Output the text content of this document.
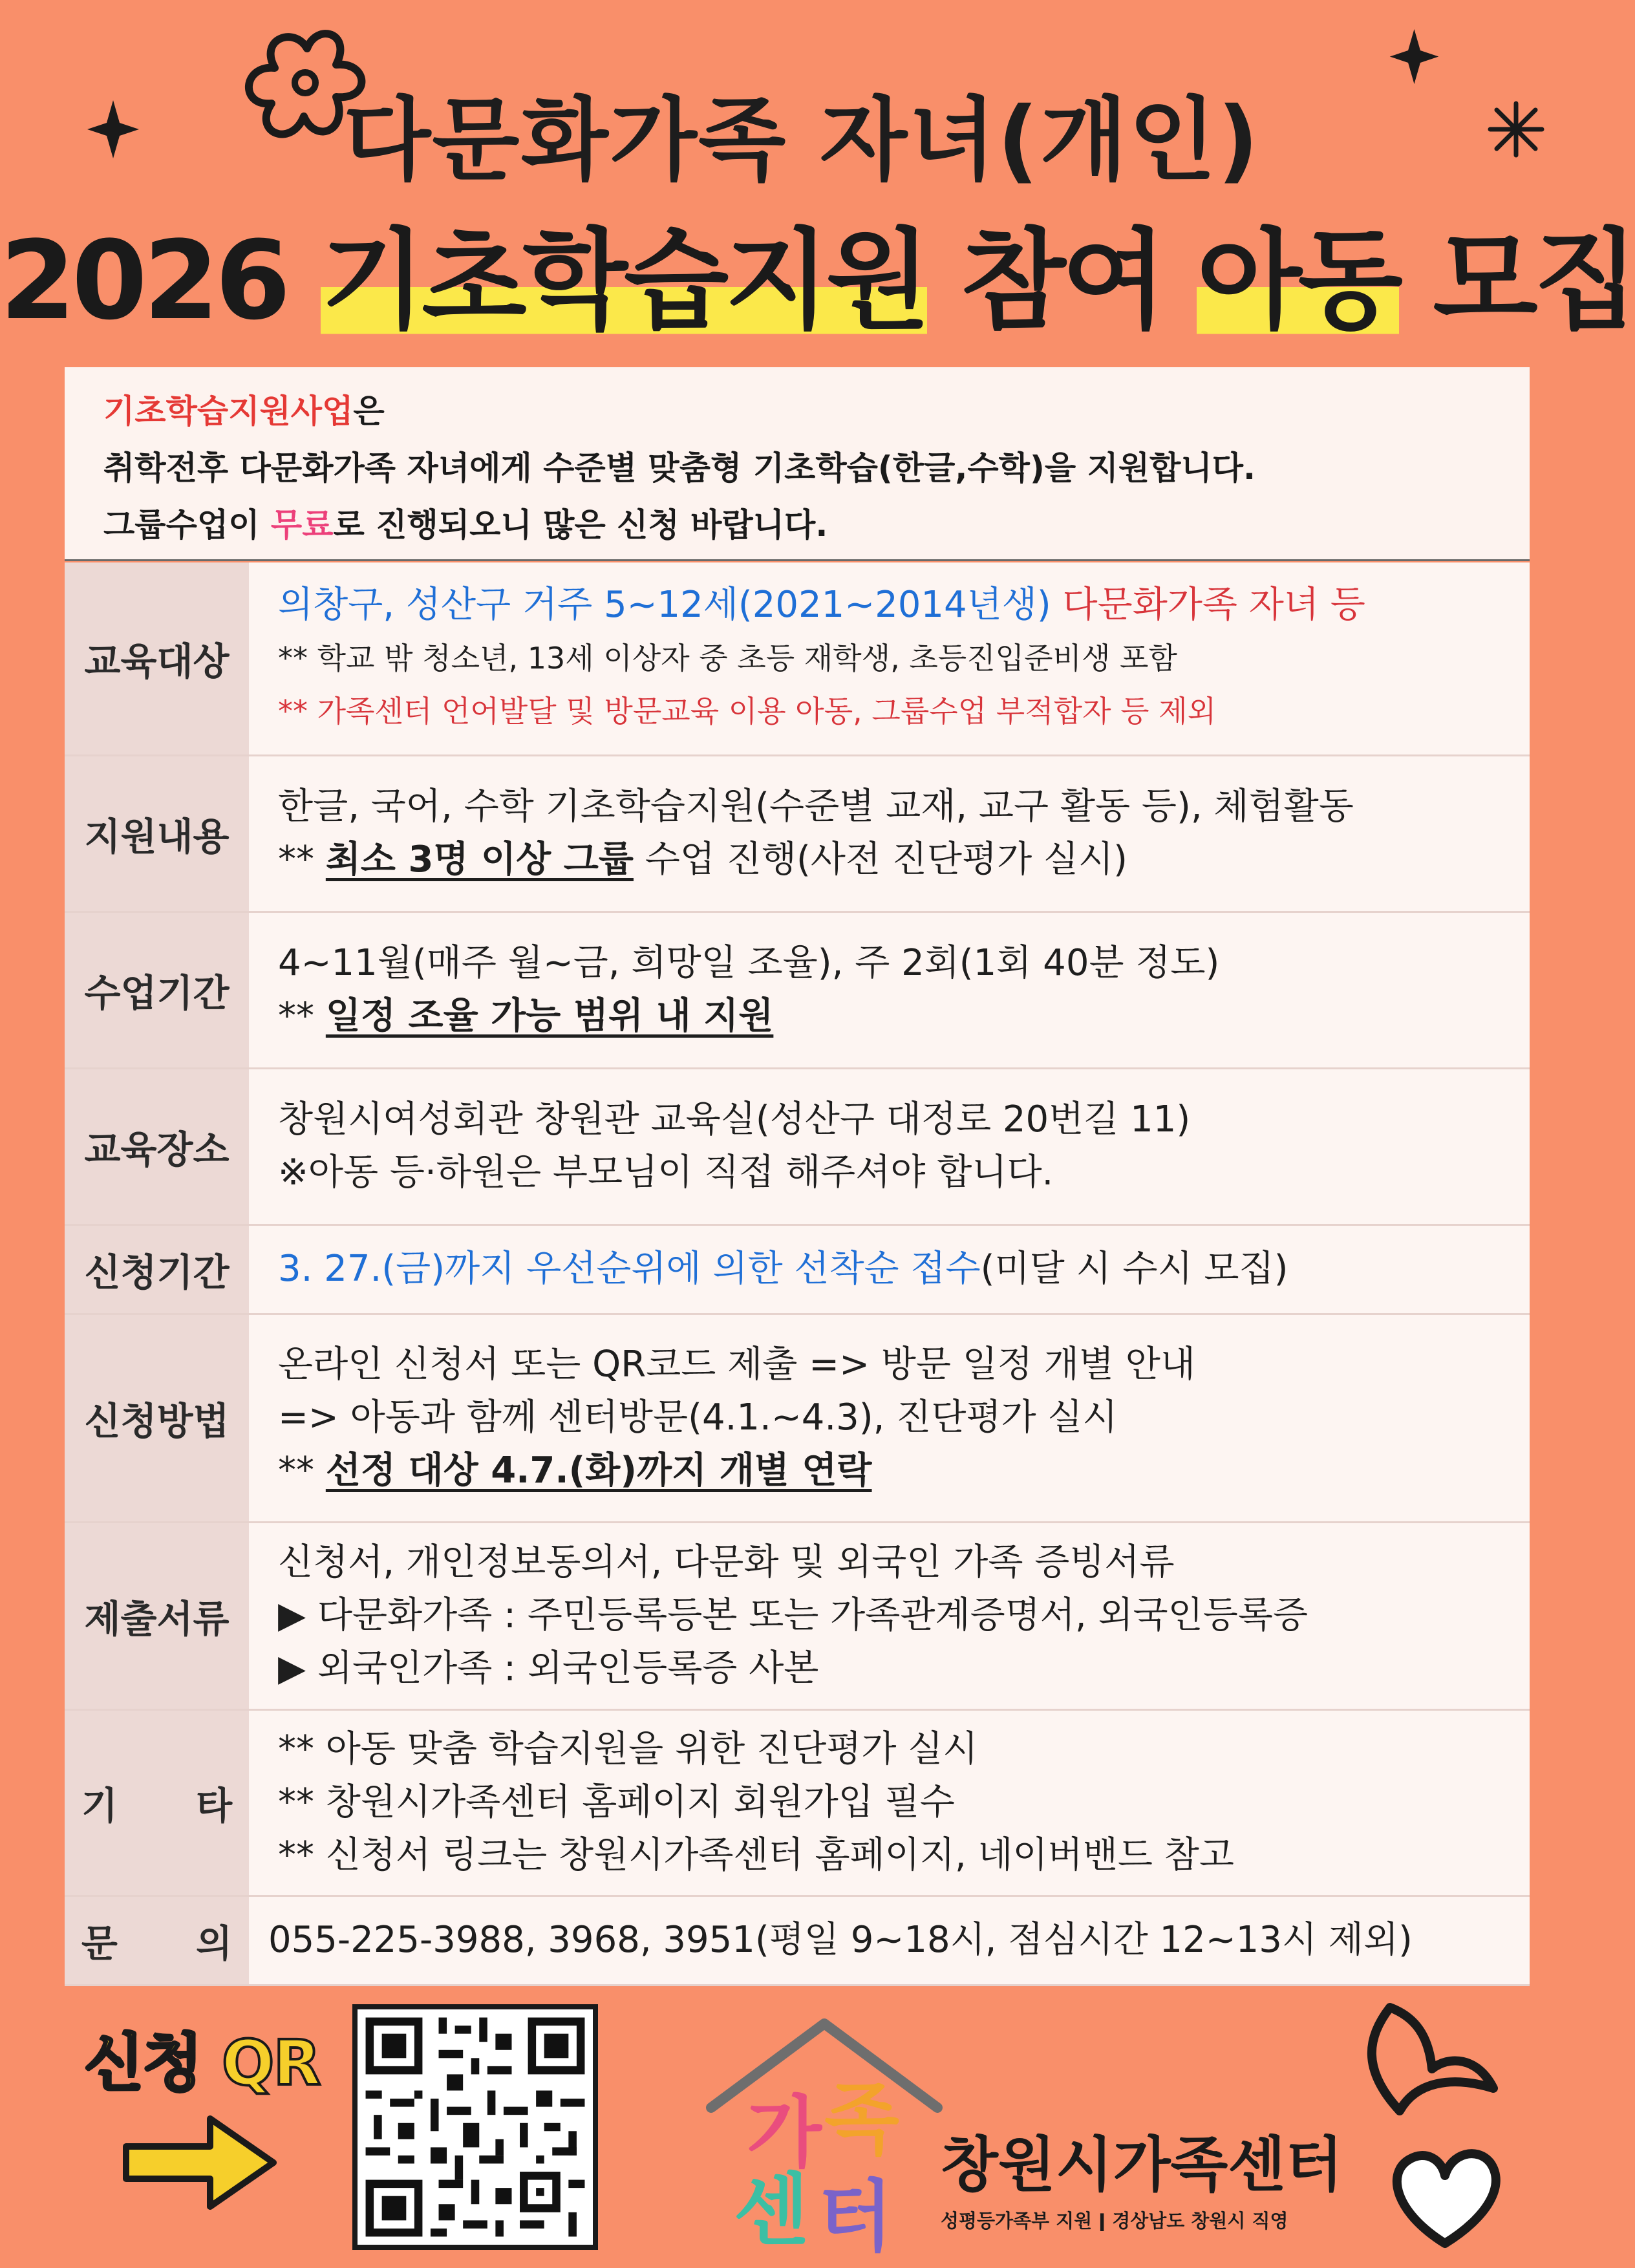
다문화가족 자녀(개인)
2026 기초학습지원 참여 아동 모집
기초학습지원사업은
취학전후 다문화가족 자녀에게 수준별 맞춤형 기초학습(한글,수학)을 지원합니다.
그룹수업이 무료로 진행되오니 많은 신청 바랍니다.
교육대상	의창구, 성산구 거주 5~12세(2021~2014년생) 다문화가족 자녀 등
** 학교 밖 청소년, 13세 이상자 중 초등 재학생, 초등진입준비생 포함
** 가족센터 언어발달 및 방문교육 이용 아동, 그룹수업 부적합자 등 제외

지원내용	한글, 국어, 수학 기초학습지원(수준별 교재, 교구 활동 등), 체험활동
** 최소 3명 이상 그룹 수업 진행(사전 진단평가 실시)

수업기간	4~11월(매주 월~금, 희망일 조율), 주 2회(1회 40분 정도)
** 일정 조율 가능 범위 내 지원

교육장소	창원시여성회관 창원관 교육실(성산구 대정로 20번길 11)
※아동 등·하원은 부모님이 직접 해주셔야 합니다.

신청기간	3. 27.(금)까지 우선순위에 의한 선착순 접수(미달 시 수시 모집)

신청방법	온라인 신청서 또는 QR코드 제출 => 방문 일정 개별 안내
=> 아동과 함께 센터방문(4.1.~4.3), 진단평가 실시
** 선정 대상 4.7.(화)까지 개별 연락

제출서류	신청서, 개인정보동의서, 다문화 및 외국인 가족 증빙서류
▶ 다문화가족 : 주민등록등본 또는 가족관계증명서, 외국인등록증
▶ 외국인가족 : 외국인등록증 사본

기      타	** 아동 맞춤 학습지원을 위한 진단평가 실시
** 창원시가족센터 홈페이지 회원가입 필수
** 신청서 링크는 창원시가족센터 홈페이지, 네이버밴드 참고

문      의	055-225-3988, 3968, 3951(평일 9~18시, 점심시간 12~13시 제외)
신청 QR
가 족
센 터
창원시가족센터
성평등가족부 지원 ǀ 경상남도 창원시 직영
